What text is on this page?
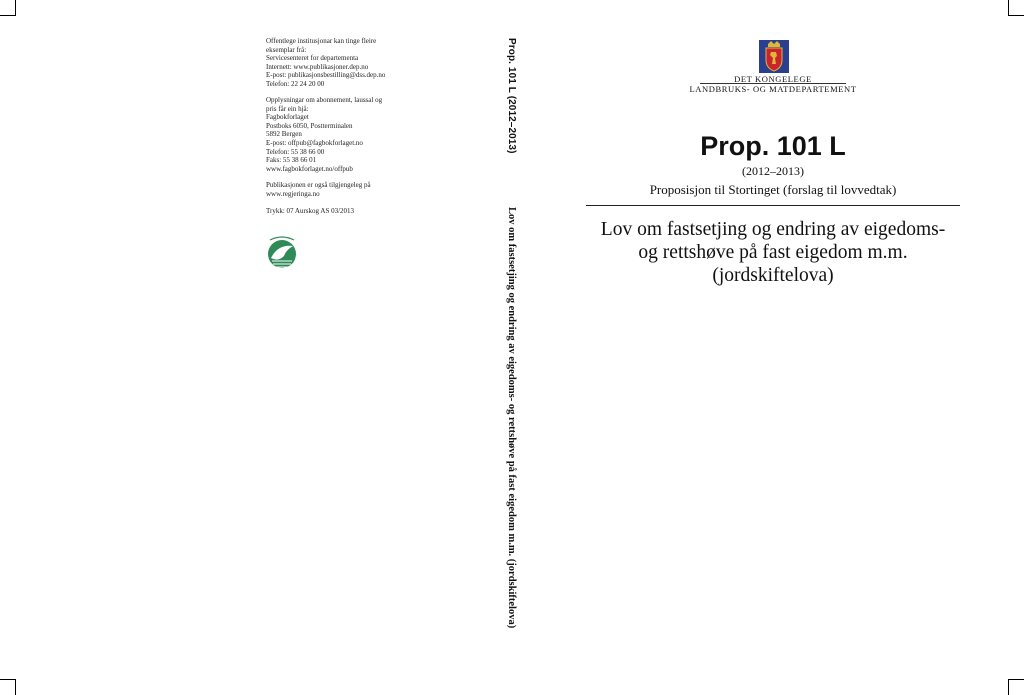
Offentlege institusjonar kan tinge fleire
eksemplar frå:
Servicesenteret for departementa
Internett: www.publikasjoner.dep.no
E-post: publikasjonsbestilling@dss.dep.no
Telefon: 22 24 20 00
Opplysningar om abonnement, laussal og
pris får ein hjå:
Fagbokforlaget
Postboks 6050, Postterminalen
5892 Bergen
E-post: offpub@fagbokforlaget.no
Telefon: 55 38 66 00
Faks: 55 38 66 01
www.fagbokforlaget.no/offpub
Publikasjonen er også tilgjengeleg på
www.regjeringa.no
Trykk: 07 Aurskog AS 03/2013
Prop. 101 L (2012–2013)
Lov om fastsetjing og endring av eigedoms- og rettshøve på fast eigedom m.m. (jordskiftelova)
DET KONGELEGE
LANDBRUKS- OG MATDEPARTEMENT
Prop. 101 L
(2012–2013)
Proposisjon til Stortinget (forslag til lovvedtak)
Lov om fastsetjing og endring av eigedoms-
og rettshøve på fast eigedom m.m.
(jordskiftelova)
